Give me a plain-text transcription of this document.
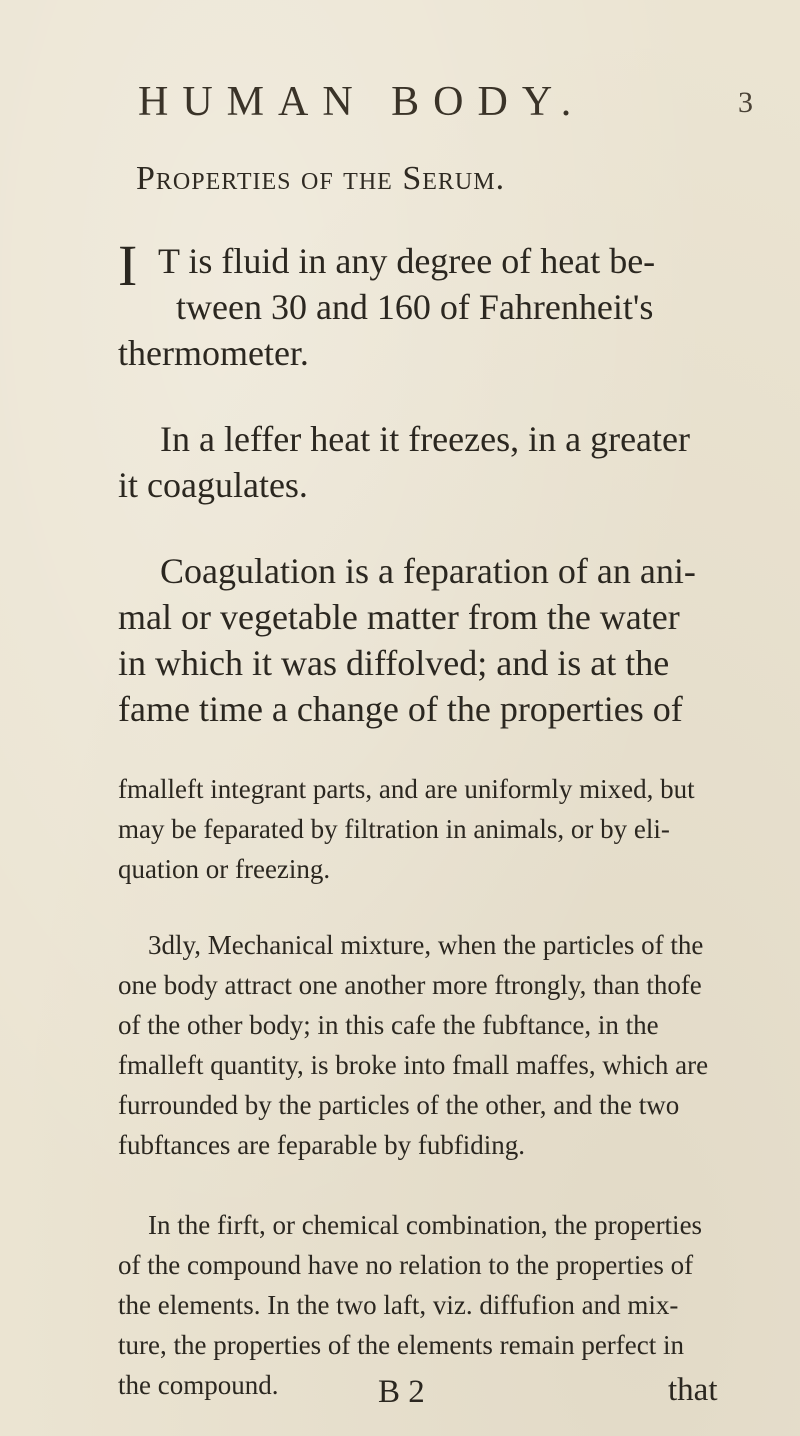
HUMAN BODY.	3
Properties of the Serum.
I T is fluid in any degree of heat be-
tween 30 and 160 of Fahrenheit's
thermometer.
In a leffer heat it freezes, in a greater
it coagulates.
Coagulation is a feparation of an ani-
mal or vegetable matter from the water
in which it was diffolved; and is at the
fame time a change of the properties of
fmalleft integrant parts, and are uniformly mixed, but
may be feparated by filtration in animals, or by eli-
quation or freezing.
3dly, Mechanical mixture, when the particles of the
one body attract one another more ftrongly, than thofe
of the other body; in this cafe the fubftance, in the
fmalleft quantity, is broke into fmall maffes, which are
furrounded by the particles of the other, and the two
fubftances are feparable by fubfiding.
In the firft, or chemical combination, the properties
of the compound have no relation to the properties of
the elements. In the two laft, viz. diffufion and mix-
ture, the properties of the elements remain perfect in
the compound.	B 2	that
